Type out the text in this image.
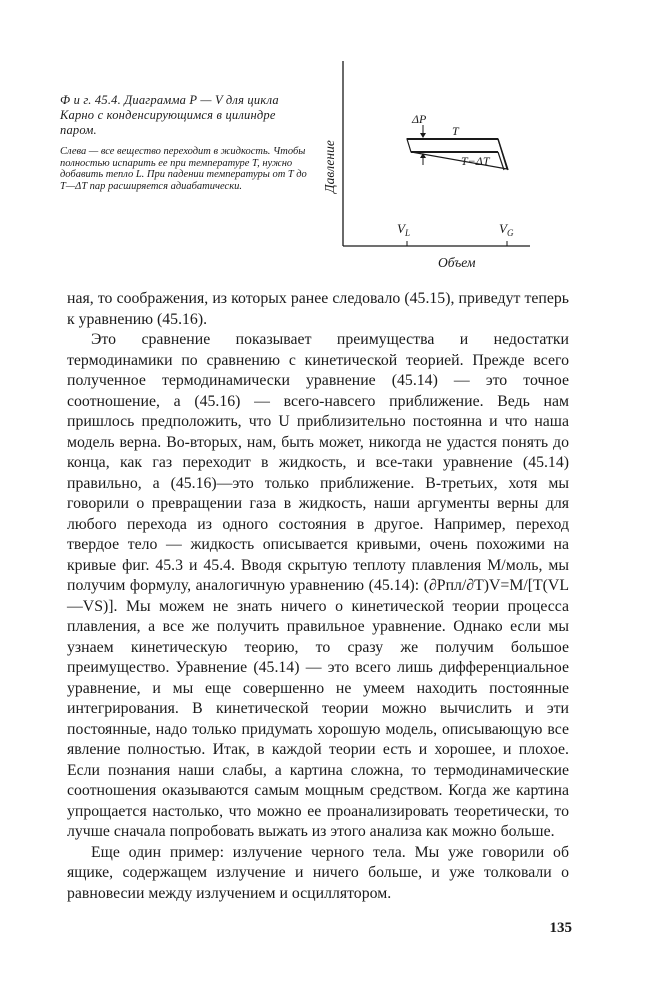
Ф и г. 45.4. Диаграмма P — V для цикла Карно с конденсирующимся в цилиндре паром.
Слева — все вещество переходит в жидкость. Чтобы полностью испарить ее при температуре T, нужно добавить тепло L. При падении температуры от T до T—ΔT пар расширяется адиабатически.	Давление
Объем
ΔP
T
T−ΔT
$V_L$	$V_G$

ная, то соображения, из которых ранее следовало (45.15), приведут теперь к уравнению (45.16).

Это сравнение показывает преимущества и недостатки термодинамики по сравнению с кинетической теорией. Прежде всего полученное термодинамически уравнение (45.14) — это точное соотношение, а (45.16) — всего-навсего приближение. Ведь нам пришлось предположить, что U приблизительно постоянна и что наша модель верна. Во-вторых, нам, быть может, никогда не удастся понять до конца, как газ переходит в жидкость, и все-таки уравнение (45.14) правильно, а (45.16)—это только приближение. В-третьих, хотя мы говорили о превращении газа в жидкость, наши аргументы верны для любого перехода из одного состояния в другое. Например, переход твердое тело — жидкость описывается кривыми, очень похожими на кривые фиг. 45.3 и 45.4. Вводя скрытую теплоту плавления M/моль, мы получим формулу, аналогичную уравнению (45.14): (∂Pпл/∂T)V=M/[T(VL—VS)]. Мы можем не знать ничего о кинетической теории процесса плавления, а все же получить правильное уравнение. Однако если мы узнаем кинетическую теорию, то сразу же получим большое преимущество. Уравнение (45.14) — это всего лишь дифференциальное уравнение, и мы еще совершенно не умеем находить постоянные интегрирования. В кинетической теории можно вычислить и эти постоянные, надо только придумать хорошую модель, описывающую все явление полностью. Итак, в каждой теории есть и хорошее, и плохое. Если познания наши слабы, а картина сложна, то термодинамические соотношения оказываются самым мощным средством. Когда же картина упрощается настолько, что можно ее проанализировать теоретически, то лучше сначала попробовать выжать из этого анализа как можно больше.

Еще один пример: излучение черного тела. Мы уже говорили об ящике, содержащем излучение и ничего больше, и уже толковали о равновесии между излучением и осциллятором.

135
